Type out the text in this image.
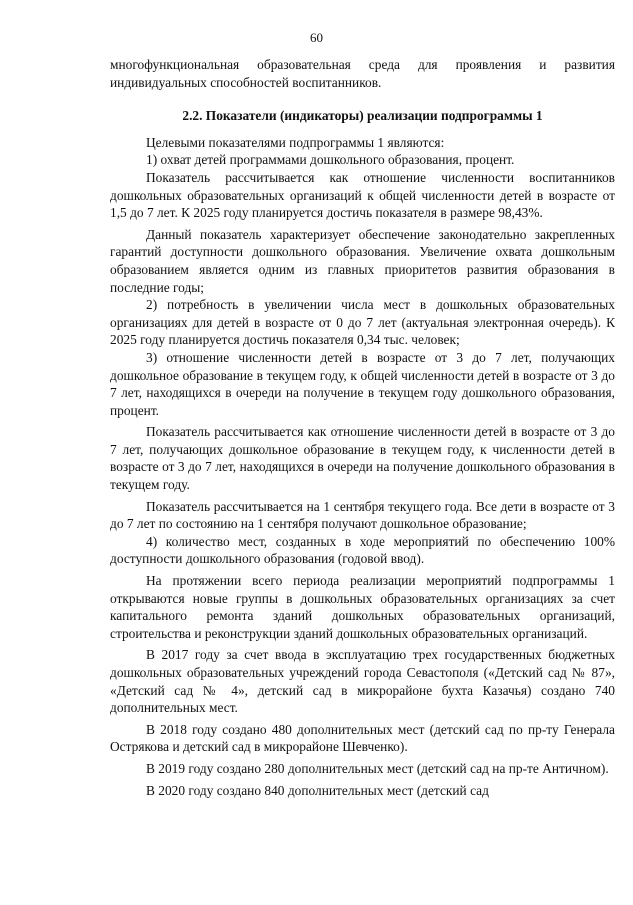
60

многофункциональная образовательная среда для проявления и развития индивидуальных способностей воспитанников.

2.2. Показатели (индикаторы) реализации подпрограммы 1

Целевыми показателями подпрограммы 1 являются:

1) охват детей программами дошкольного образования, процент.

Показатель рассчитывается как отношение численности воспитанников дошкольных образовательных организаций к общей численности детей в возрасте от 1,5 до 7 лет. К 2025 году планируется достичь показателя в размере 98,43%.

Данный показатель характеризует обеспечение законодательно закрепленных гарантий доступности дошкольного образования. Увеличение охвата дошкольным образованием является одним из главных приоритетов развития образования в последние годы;

2) потребность в увеличении числа мест в дошкольных образовательных организациях для детей в возрасте от 0 до 7 лет (актуальная электронная очередь). К 2025 году планируется достичь показателя 0,34 тыс. человек;

3) отношение численности детей в возрасте от 3 до 7 лет, получающих дошкольное образование в текущем году, к общей численности детей в возрасте от 3 до 7 лет, находящихся в очереди на получение в текущем году дошкольного образования, процент.

Показатель рассчитывается как отношение численности детей в возрасте от 3 до 7 лет, получающих дошкольное образование в текущем году, к численности детей в возрасте от 3 до 7 лет, находящихся в очереди на получение дошкольного образования в текущем году.

Показатель рассчитывается на 1 сентября текущего года. Все дети в возрасте от 3 до 7 лет по состоянию на 1 сентября получают дошкольное образование;

4) количество мест, созданных в ходе мероприятий по обеспечению 100% доступности дошкольного образования (годовой ввод).

На протяжении всего периода реализации мероприятий подпрограммы 1 открываются новые группы в дошкольных образовательных организациях за счет капитального ремонта зданий дошкольных образовательных организаций, строительства и реконструкции зданий дошкольных образовательных организаций.

В 2017 году за счет ввода в эксплуатацию трех государственных бюджетных дошкольных образовательных учреждений города Севастополя («Детский сад № 87», «Детский сад № 4», детский сад в микрорайоне бухта Казачья) создано 740 дополнительных мест.

В 2018 году создано 480 дополнительных мест (детский сад по пр-ту Генерала Острякова и детский сад в микрорайоне Шевченко).

В 2019 году создано 280 дополнительных мест (детский сад на пр-те Античном).

В 2020 году создано 840 дополнительных мест (детский сад
